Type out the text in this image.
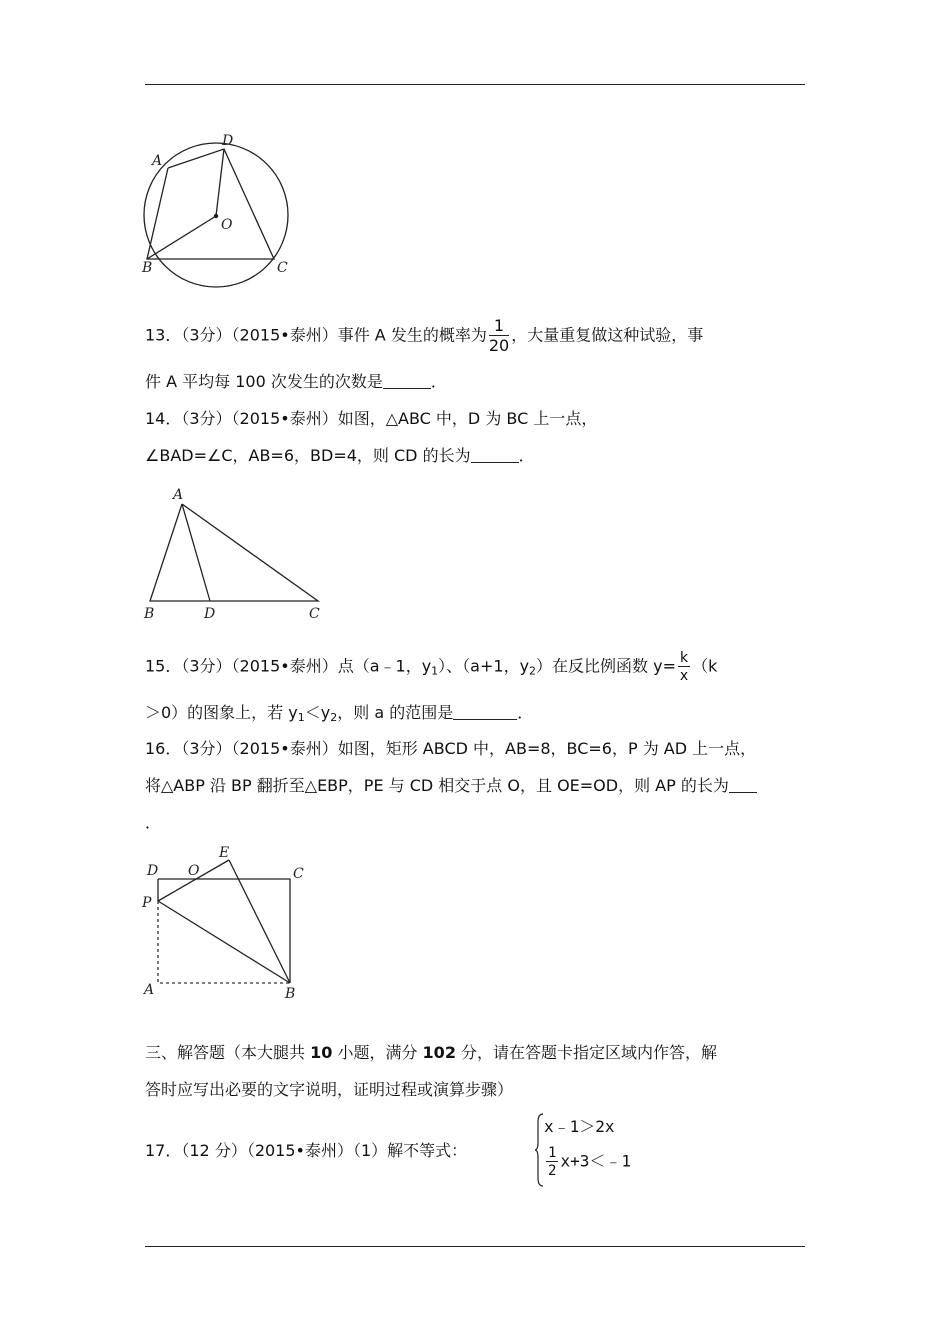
A
D
O
B	C
13．（3分）（2015•泰州）事件 A 发生的概率为 $\frac{1}{20}$ ，大量重复做这种试验，事
件 A 平均每 100 次发生的次数是	．
14．（3分）（2015•泰州）如图，△ABC 中，D 为 BC 上一点，
∠BAD=∠C，AB=6，BD=4，则 CD 的长为	．
A
B	D	C
15．（3分）（2015•泰州）点（a﹣1，$y_1$）、（a+1，$y_2$）在反比例函数 $y= \frac{k}{x} (k$
＞0）的图象上，若 $y_1<y_2$，则 a 的范围是	．
16．（3分）（2015•泰州）如图，矩形 ABCD 中，AB=8，BC=6，P 为 AD 上一点，
将△ABP 沿 BP 翻折至△EBP，PE 与 CD 相交于点 O，且 OE=OD，则 AP 的长为
．
D O
E
C
P
A	B
三、解答题（本大腿共 10 小题，满分 102 分，请在答题卡指定区域内作答，解
答时应写出必要的文字说明，证明过程或演算步骤）
17．（12 分）（2015•泰州）（1）解不等式：
x﹣1＞2x
$\frac{1}{2}$ x+3＜﹣1
